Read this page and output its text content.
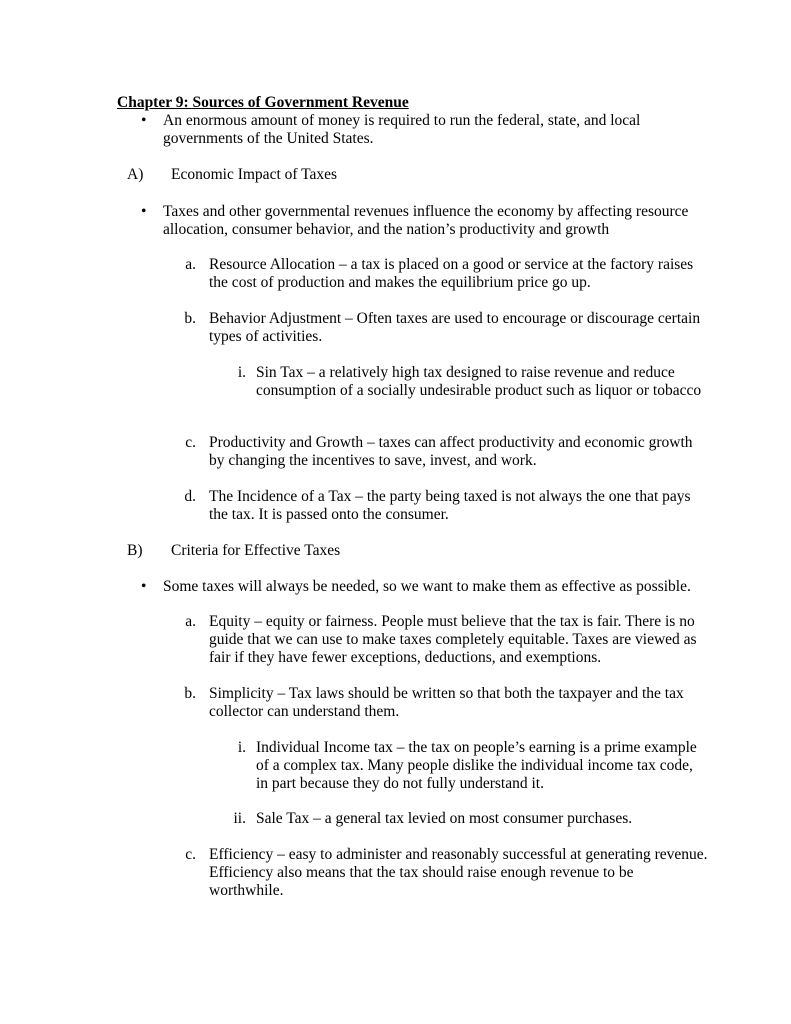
Chapter 9: Sources of Government Revenue
•	An enormous amount of money is required to run the federal, state, and local governments of the United States.
A)	Economic Impact of Taxes
•	Taxes and other governmental revenues influence the economy by affecting resource allocation, consumer behavior, and the nation’s productivity and growth
a. Resource Allocation – a tax is placed on a good or service at the factory raises the cost of production and makes the equilibrium price go up.
b. Behavior Adjustment – Often taxes are used to encourage or discourage certain types of activities.
i. Sin Tax – a relatively high tax designed to raise revenue and reduce consumption of a socially undesirable product such as liquor or tobacco
c. Productivity and Growth – taxes can affect productivity and economic growth by changing the incentives to save, invest, and work.
d. The Incidence of a Tax – the party being taxed is not always the one that pays the tax. It is passed onto the consumer.
B)	Criteria for Effective Taxes
•	Some taxes will always be needed, so we want to make them as effective as possible.
a. Equity – equity or fairness. People must believe that the tax is fair. There is no guide that we can use to make taxes completely equitable. Taxes are viewed as fair if they have fewer exceptions, deductions, and exemptions.
b. Simplicity – Tax laws should be written so that both the taxpayer and the tax collector can understand them.
i. Individual Income tax – the tax on people’s earning is a prime example of a complex tax. Many people dislike the individual income tax code, in part because they do not fully understand it.
ii. Sale Tax – a general tax levied on most consumer purchases.
c. Efficiency – easy to administer and reasonably successful at generating revenue. Efficiency also means that the tax should raise enough revenue to be worthwhile.
